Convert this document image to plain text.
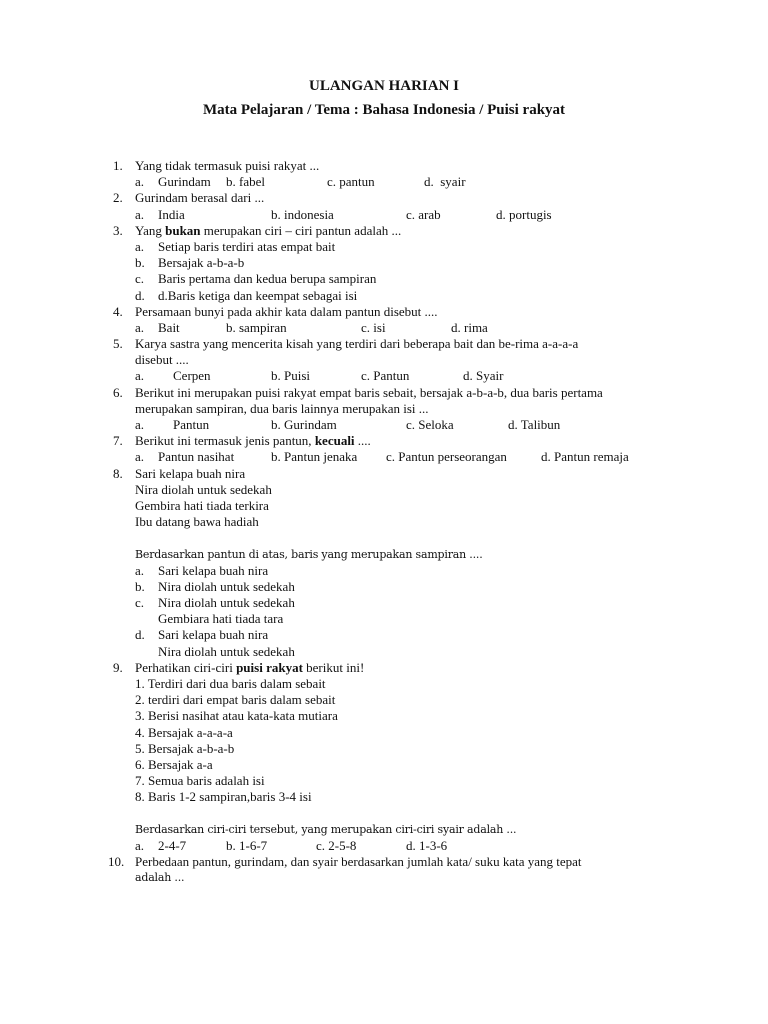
ULANGAN HARIAN I
Mata Pelajaran / Tema : Bahasa Indonesia / Puisi rakyat
1. Yang tidak termasuk puisi rakyat ...
a. Gurindam b. fabel	c. pantun	d.  syair
2. Gurindam berasal dari ...
a. India	b. indonesia	c. arab	d. portugis
3. Yang bukan merupakan ciri – ciri pantun adalah ...
a. Setiap baris terdiri atas empat bait
b. Bersajak a-b-a-b
c. Baris pertama dan kedua berupa sampiran
d. d.Baris ketiga dan keempat sebagai isi
4. Persamaan bunyi pada akhir kata dalam pantun disebut ....
a. Bait	b. sampiran	c. isi	d. rima
5. Karya sastra yang mencerita kisah yang terdiri dari beberapa bait dan be-rima a-a-a-a
disebut ....
a. Cerpen	b. Puisi	c. Pantun	d. Syair
6. Berikut ini merupakan puisi rakyat empat baris sebait, bersajak a-b-a-b, dua baris pertama
merupakan sampiran, dua baris lainnya merupakan isi ...
a. Pantun	b. Gurindam	c. Seloka	d. Talibun
7. Berikut ini termasuk jenis pantun, kecuali ....
a. Pantun nasihat	b. Pantun jenaka c. Pantun perseorangan	d. Pantun remaja
8. Sari kelapa buah nira
Nira diolah untuk sedekah
Gembira hati tiada terkira
Ibu datang bawa hadiah
Berdasarkan pantun di atas, baris yang merupakan sampiran ....
a. Sari kelapa buah nira
b. Nira diolah untuk sedekah
c. Nira diolah untuk sedekah
Gembiara hati tiada tara
d. Sari kelapa buah nira
Nira diolah untuk sedekah
9. Perhatikan ciri-ciri puisi rakyat berikut ini!
1. Terdiri dari dua baris dalam sebait
2. terdiri dari empat baris dalam sebait
3. Berisi nasihat atau kata-kata mutiara
4. Bersajak a-a-a-a
5. Bersajak a-b-a-b
6. Bersajak a-a
7. Semua baris adalah isi
8. Baris 1-2 sampiran,baris 3-4 isi
Berdasarkan ciri-ciri tersebut, yang merupakan ciri-ciri syair adalah ...
a. 2-4-7	b. 1-6-7	c. 2-5-8	d. 1-3-6
10. Perbedaan pantun, gurindam, dan syair berdasarkan jumlah kata/ suku kata yang tepat
adalah ...
